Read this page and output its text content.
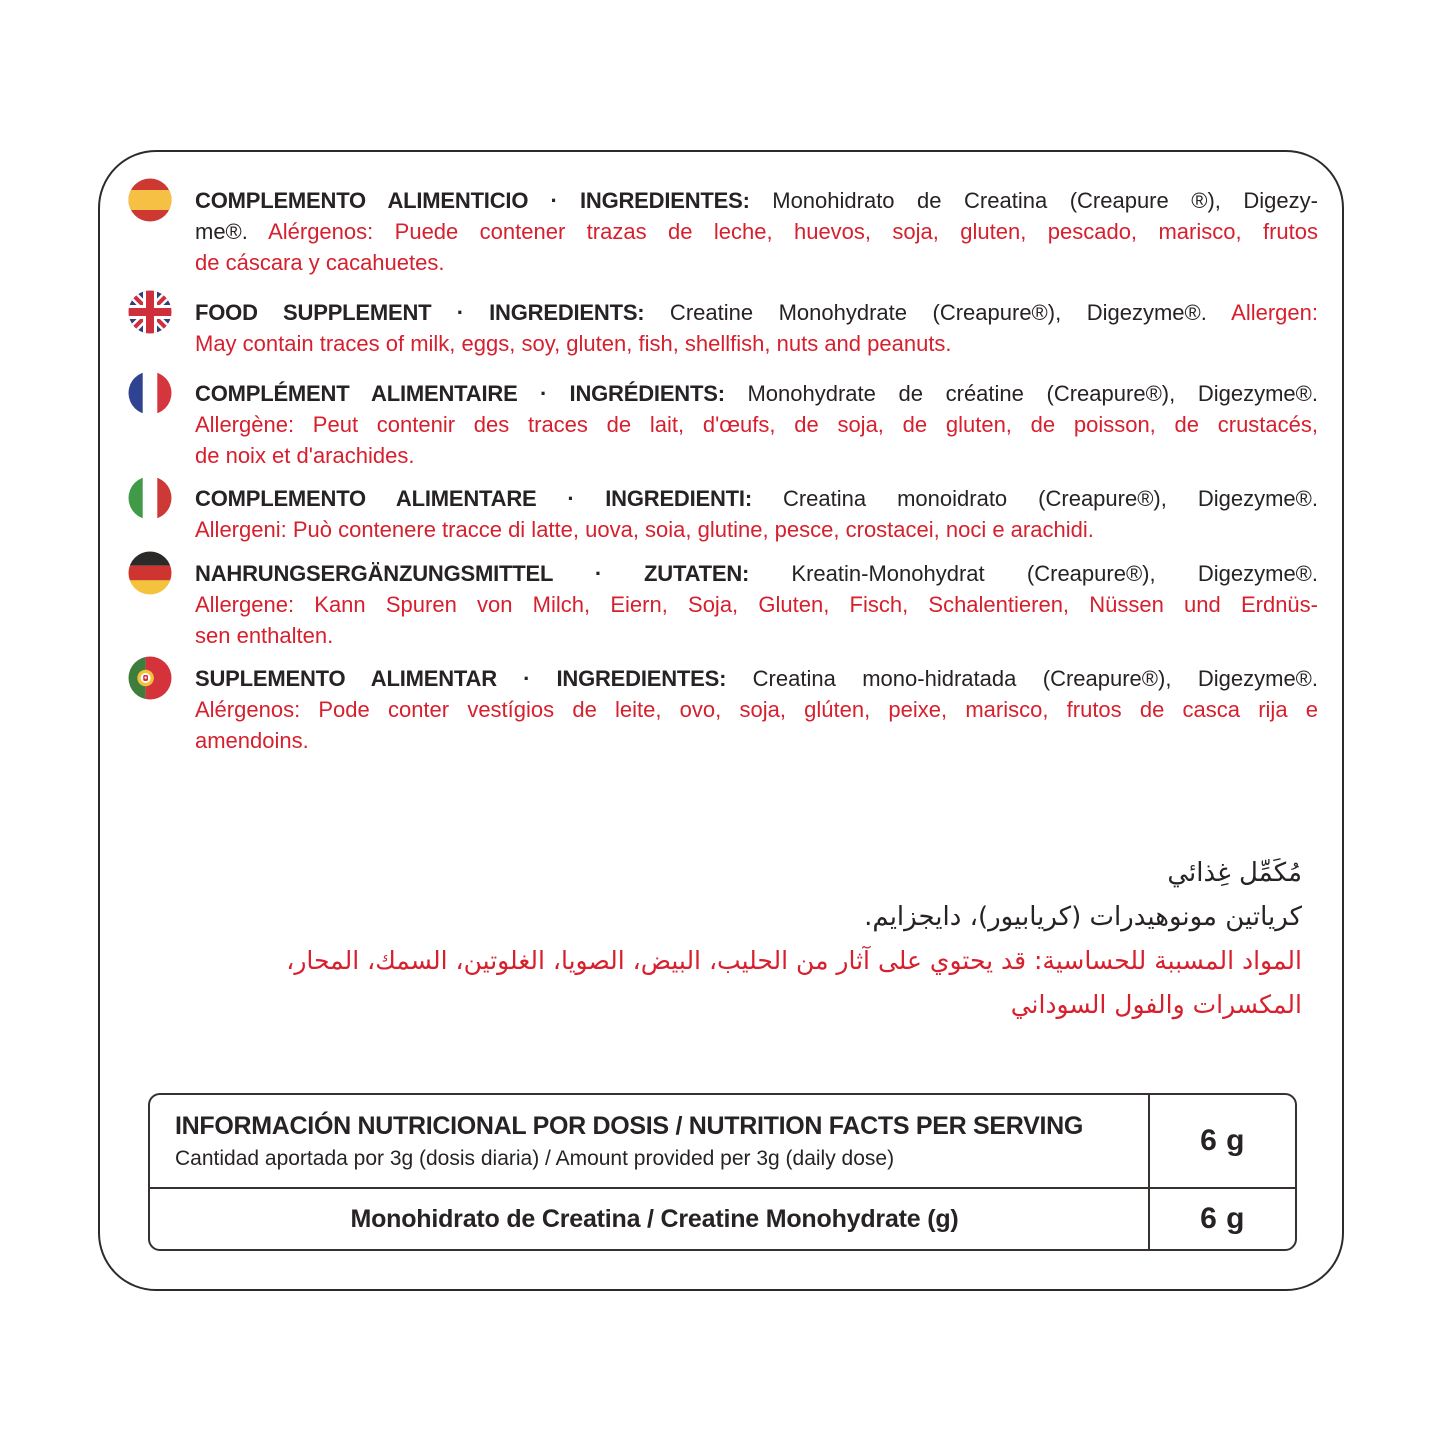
COMPLEMENTO ALIMENTICIO · INGREDIENTES: Monohidrato de Creatina (Creapure ®), Digezy-
me®. Alérgenos: Puede contener trazas de leche, huevos, soja, gluten, pescado, marisco, frutos
de cáscara y cacahuetes.
FOOD SUPPLEMENT · INGREDIENTS: Creatine Monohydrate (Creapure®), Digezyme®. Allergen:
May contain traces of milk, eggs, soy, gluten, fish, shellfish, nuts and peanuts.
COMPLÉMENT ALIMENTAIRE · INGRÉDIENTS: Monohydrate de créatine (Creapure®), Digezyme®.
Allergène: Peut contenir des traces de lait, d'œufs, de soja, de gluten, de poisson, de crustacés,
de noix et d'arachides.
COMPLEMENTO ALIMENTARE · INGREDIENTI: Creatina monoidrato (Creapure®), Digezyme®.
Allergeni: Può contenere tracce di latte, uova, soia, glutine, pesce, crostacei, noci e arachidi.
NAHRUNGSERGÄNZUNGSMITTEL · ZUTATEN: Kreatin-Monohydrat (Creapure®), Digezyme®.
Allergene: Kann Spuren von Milch, Eiern, Soja, Gluten, Fisch, Schalentieren, Nüssen und Erdnüs-
sen enthalten.
SUPLEMENTO ALIMENTAR · INGREDIENTES: Creatina mono-hidratada (Creapure®), Digezyme®.
Alérgenos: Pode conter vestígios de leite, ovo, soja, glúten, peixe, marisco, frutos de casca rija e
amendoins.
مُكَمِّل غِذائي
كرياتين مونوهيدرات (كريابيور)، دايجزايم.
المواد المسببة للحساسية: قد يحتوي على آثار من الحليب، البيض، الصويا، الغلوتين، السمك، المحار، المكسرات والفول السوداني
INFORMACIÓN NUTRICIONAL POR DOSIS / NUTRITION FACTS PER SERVING
Cantidad aportada por 3g (dosis diaria) / Amount provided per 3g (daily dose)
6 g
Monohidrato de Creatina / Creatine Monohydrate (g)	6 g
